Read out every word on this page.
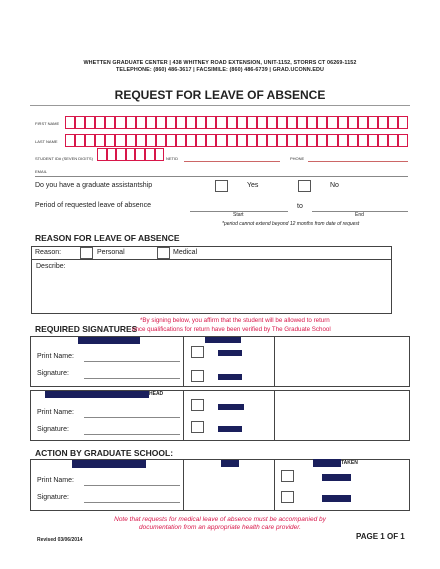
WHETTEN GRADUATE CENTER | 438 WHITNEY ROAD EXTENSION, UNIT-1152, STORRS CT 06269-1152
TELEPHONE: (860) 486-3617 | FACSIMILE: (860) 486-6739 | GRAD.UCONN.EDU
REQUEST FOR LEAVE OF ABSENCE
FIRST NAME
LAST NAME
STUDENT ID# (SEVEN DIGITS)	NETID	PHONE
EMAIL
Do you have a graduate assistantship	Yes	No
Period of requested leave of absence	to
Start	End
*period cannot extend beyond 12 months from date of request
REASON FOR LEAVE OF ABSENCE
Reason:	Personal	Medical
Describe:
*By signing below, you affirm that the student will be allowed to return
REQUIRED SIGNATURES
once qualifications for return have been verified by The Graduate School
Print Name:
Signature:
HEAD
Print Name:
Signature:
ACTION BY GRADUATE SCHOOL:
TAKEN
Print Name:
Signature:
Note that requests for medical leave of absence must be accompanied by
documentation from an appropriate health care provider.
Revised 03/06/2014	PAGE 1 OF 1
